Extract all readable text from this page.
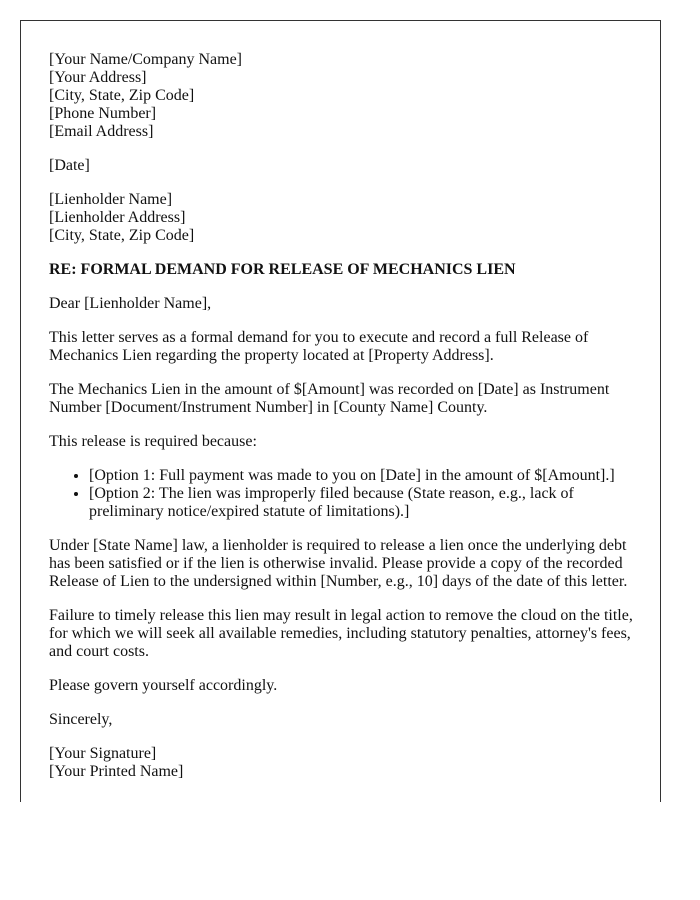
[Your Name/Company Name]
[Your Address]
[City, State, Zip Code]
[Phone Number]
[Email Address]

[Date]

[Lienholder Name]
[Lienholder Address]
[City, State, Zip Code]

RE: FORMAL DEMAND FOR RELEASE OF MECHANICS LIEN

Dear [Lienholder Name],

This letter serves as a formal demand for you to execute and record a full Release of Mechanics Lien regarding the property located at [Property Address].

The Mechanics Lien in the amount of $[Amount] was recorded on [Date] as Instrument Number [Document/Instrument Number] in [County Name] County.

This release is required because:

• [Option 1: Full payment was made to you on [Date] in the amount of $[Amount].]
• [Option 2: The lien was improperly filed because (State reason, e.g., lack of preliminary notice/expired statute of limitations).]

Under [State Name] law, a lienholder is required to release a lien once the underlying debt has been satisfied or if the lien is otherwise invalid. Please provide a copy of the recorded Release of Lien to the undersigned within [Number, e.g., 10] days of the date of this letter.

Failure to timely release this lien may result in legal action to remove the cloud on the title, for which we will seek all available remedies, including statutory penalties, attorney's fees, and court costs.

Please govern yourself accordingly.

Sincerely,

[Your Signature]
[Your Printed Name]
